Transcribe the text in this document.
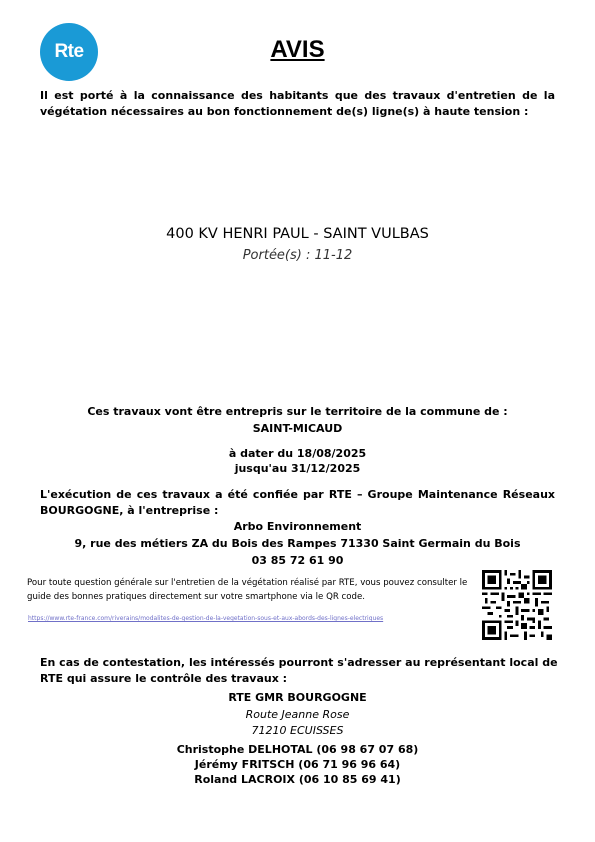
Rte	AVIS
Il est porté à la connaissance des habitants que des travaux d'entretien de la végétation nécessaires au bon fonctionnement de(s) ligne(s) à haute tension :
400 KV HENRI PAUL - SAINT VULBAS
Portée(s) : 11-12
Ces travaux vont être entrepris sur le territoire de la commune de :
SAINT-MICAUD
à dater du 18/08/2025
jusqu'au 31/12/2025
L'exécution de ces travaux a été confiée par RTE – Groupe Maintenance Réseaux BOURGOGNE, à l'entreprise :
Arbo Environnement
9, rue des métiers ZA du Bois des Rampes 71330 Saint Germain du Bois
03 85 72 61 90
Pour toute question générale sur l'entretien de la végétation réalisé par RTE, vous pouvez consulter le guide des bonnes pratiques directement sur votre smartphone via le QR code.
https://www.rte-france.com/riverains/modalites-de-gestion-de-la-vegetation-sous-et-aux-abords-des-lignes-electriques
En cas de contestation, les intéressés pourront s'adresser au représentant local de RTE qui assure le contrôle des travaux :
RTE GMR BOURGOGNE
Route Jeanne Rose
71210 ECUISSES
Christophe DELHOTAL (06 98 67 07 68)
Jérémy FRITSCH (06 71 96 96 64)
Roland LACROIX (06 10 85 69 41)
